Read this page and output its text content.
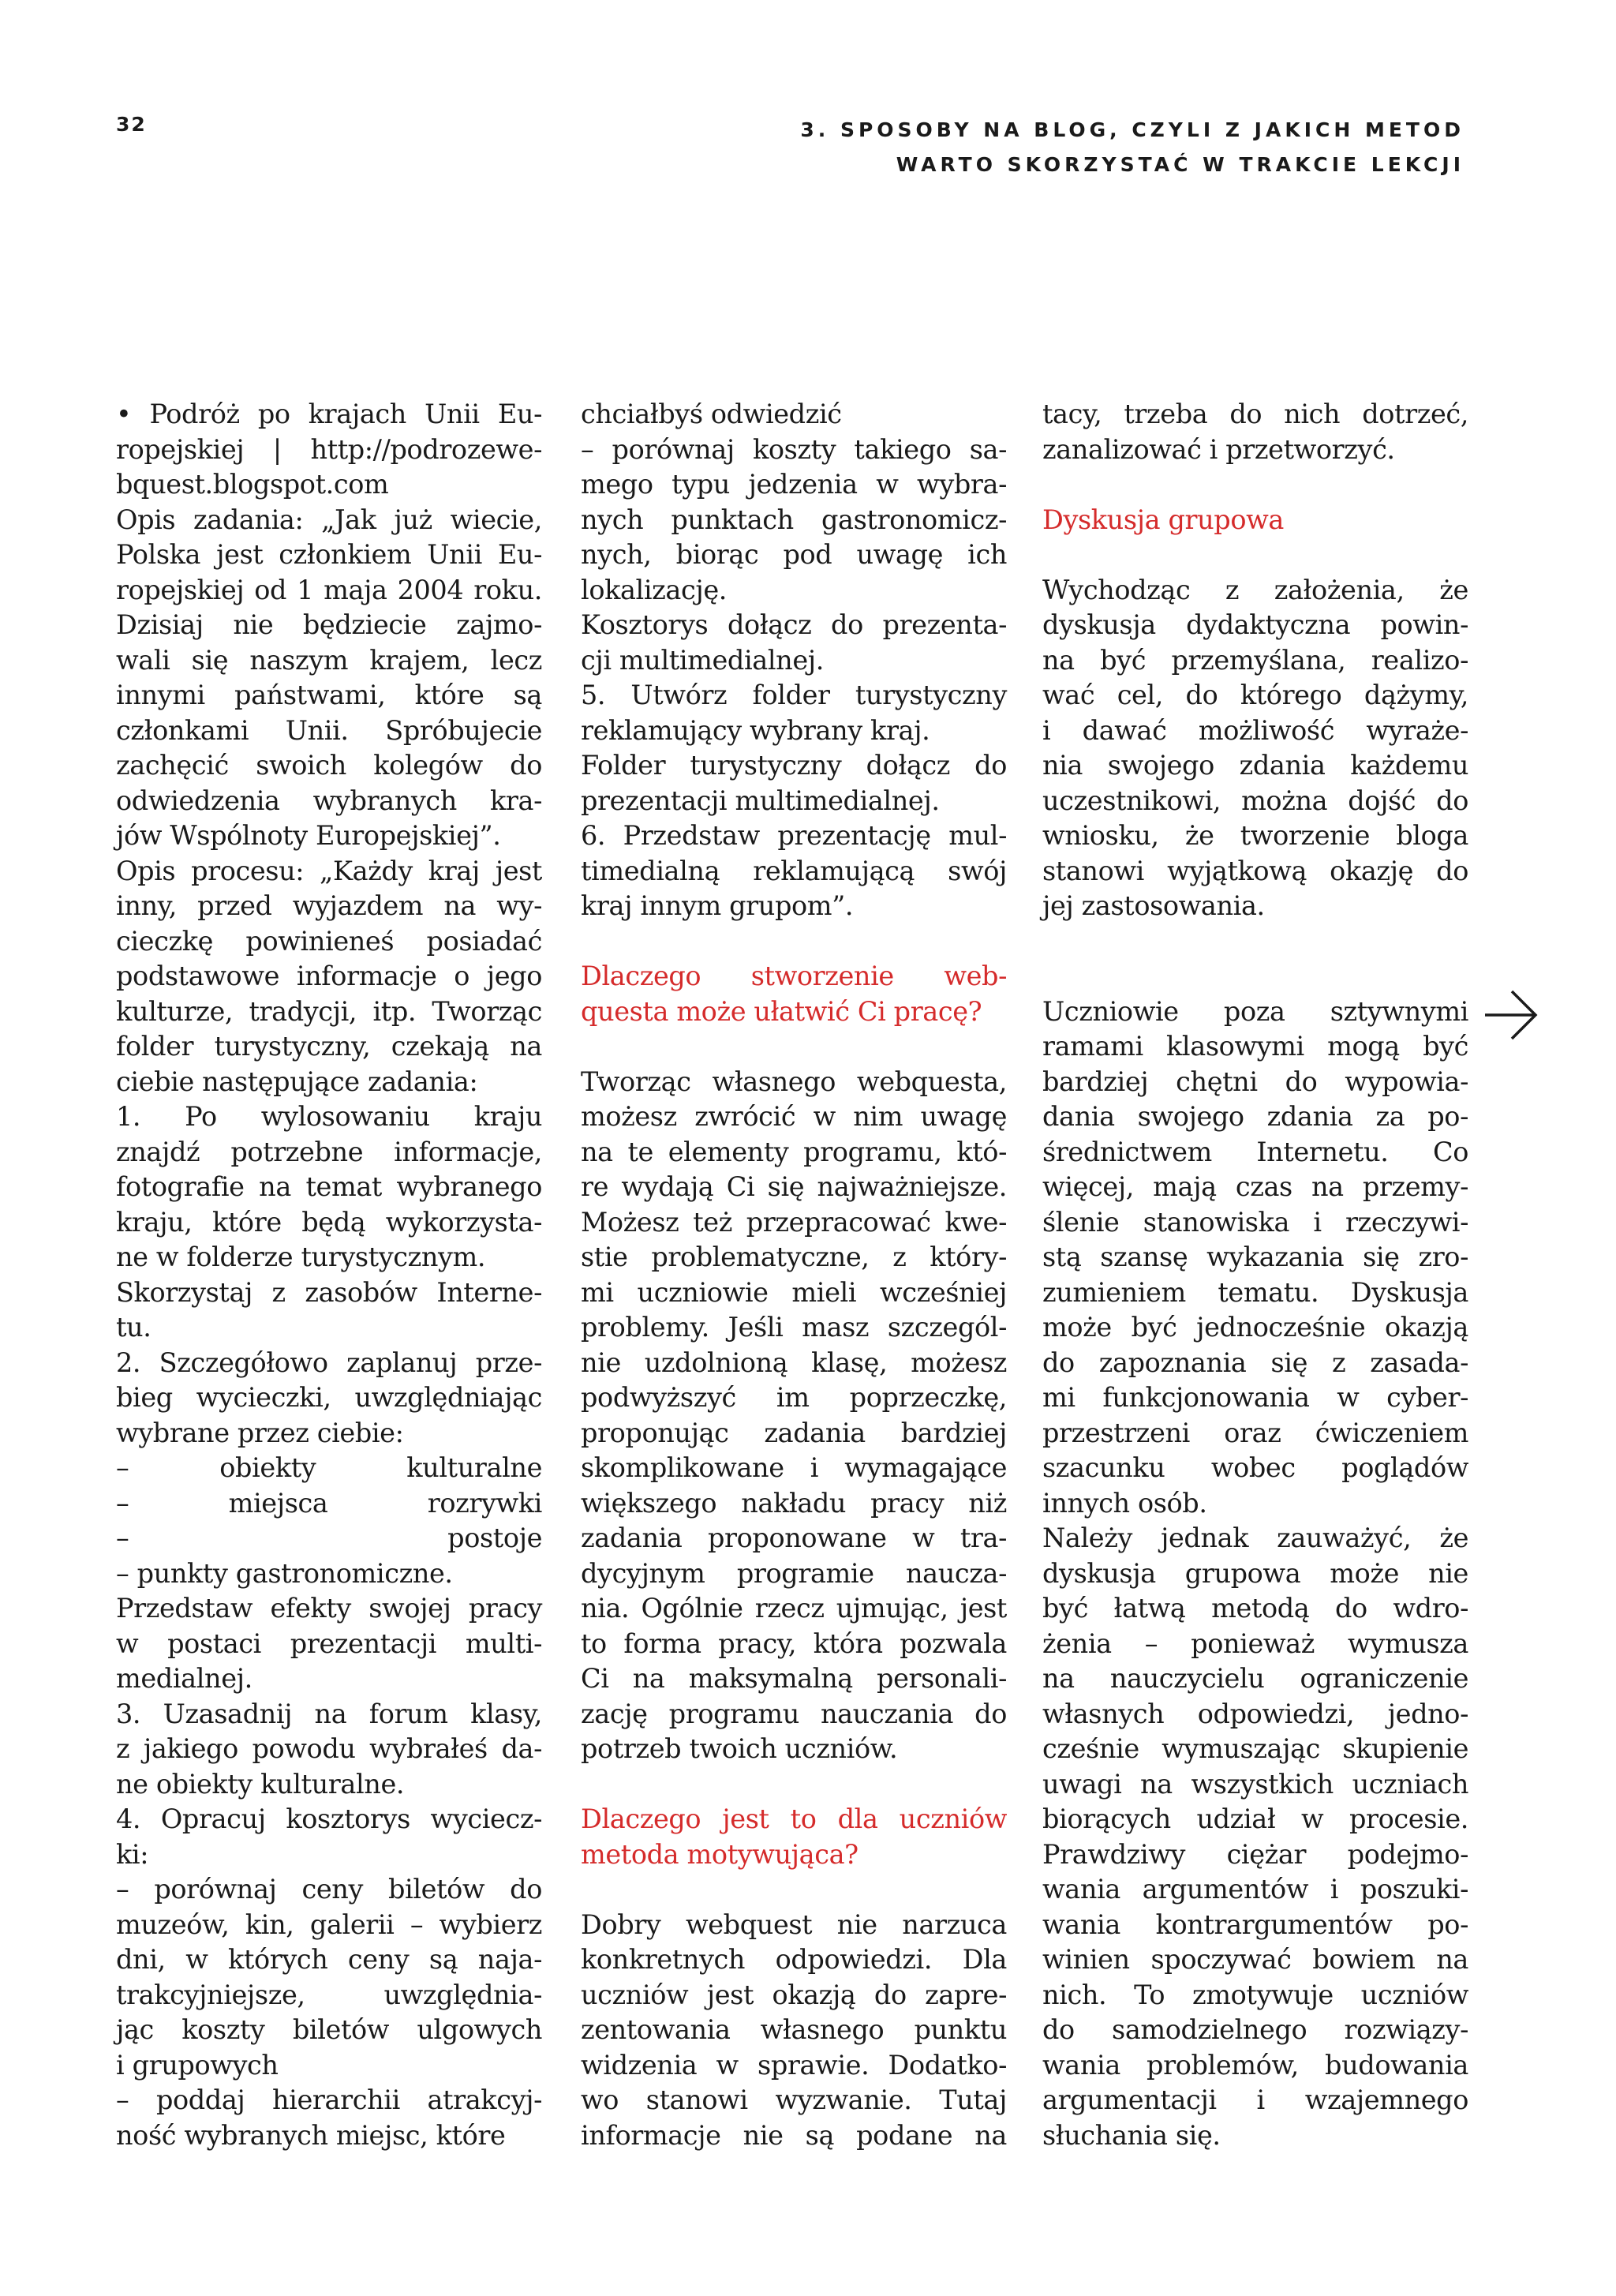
32	3. SPOSOBY NA BLOG, CZYLI Z JAKICH METOD
WARTO SKORZYSTAĆ W TRAKCIE LEKCJI

• Podróż po krajach Unii Eu-
ropejskiej | http://podrozewe-
bquest.blogspot.com
Opis zadania: „Jak już wiecie,
Polska jest członkiem Unii Eu-
ropejskiej od 1 maja 2004 roku.
Dzisiaj nie będziecie zajmo-
wali się naszym krajem, lecz
innymi państwami, które są
członkami Unii. Spróbujecie
zachęcić swoich kolegów do
odwiedzenia wybranych kra-
jów Wspólnoty Europejskiej”.
Opis procesu: „Każdy kraj jest
inny, przed wyjazdem na wy-
cieczkę powinieneś posiadać
podstawowe informacje o jego
kulturze, tradycji, itp. Tworząc
folder turystyczny, czekają na
ciebie następujące zadania:
1. Po wylosowaniu kraju
znajdź potrzebne informacje,
fotografie na temat wybranego
kraju, które będą wykorzysta-
ne w folderze turystycznym.
Skorzystaj z zasobów Interne-
tu.
2. Szczegółowo zaplanuj prze-
bieg wycieczki, uwzględniając
wybrane przez ciebie:
– obiekty kulturalne
– miejsca rozrywki
– postoje
– punkty gastronomiczne.
Przedstaw efekty swojej pracy
w postaci prezentacji multi-
medialnej.
3. Uzasadnij na forum klasy,
z jakiego powodu wybrałeś da-
ne obiekty kulturalne.
4. Opracuj kosztorys wyciecz-
ki:
– porównaj ceny biletów do
muzeów, kin, galerii – wybierz
dni, w których ceny są naja-
trakcyjniejsze, uwzględnia-
jąc koszty biletów ulgowych
i grupowych
– poddaj hierarchii atrakcyj-
ność wybranych miejsc, które

chciałbyś odwiedzić
– porównaj koszty takiego sa-
mego typu jedzenia w wybra-
nych punktach gastronomicz-
nych, biorąc pod uwagę ich
lokalizację.
Kosztorys dołącz do prezenta-
cji multimedialnej.
5. Utwórz folder turystyczny
reklamujący wybrany kraj.
Folder turystyczny dołącz do
prezentacji multimedialnej.
6. Przedstaw prezentację mul-
timedialną reklamującą swój
kraj innym grupom”.

Dlaczego stworzenie web-
questa może ułatwić Ci pracę?

Tworząc własnego webquesta,
możesz zwrócić w nim uwagę
na te elementy programu, któ-
re wydają Ci się najważniejsze.
Możesz też przepracować kwe-
stie problematyczne, z który-
mi uczniowie mieli wcześniej
problemy. Jeśli masz szczegól-
nie uzdolnioną klasę, możesz
podwyższyć im poprzeczkę,
proponując zadania bardziej
skomplikowane i wymagające
większego nakładu pracy niż
zadania proponowane w tra-
dycyjnym programie naucza-
nia. Ogólnie rzecz ujmując, jest
to forma pracy, która pozwala
Ci na maksymalną personali-
zację programu nauczania do
potrzeb twoich uczniów.

Dlaczego jest to dla uczniów
metoda motywująca?

Dobry webquest nie narzuca
konkretnych odpowiedzi. Dla
uczniów jest okazją do zapre-
zentowania własnego punktu
widzenia w sprawie. Dodatko-
wo stanowi wyzwanie. Tutaj
informacje nie są podane na

tacy, trzeba do nich dotrzeć,
zanalizować i przetworzyć.

Dyskusja grupowa

Wychodząc z założenia, że
dyskusja dydaktyczna powin-
na być przemyślana, realizo-
wać cel, do którego dążymy,
i dawać możliwość wyraże-
nia swojego zdania każdemu
uczestnikowi, można dojść do
wniosku, że tworzenie bloga
stanowi wyjątkową okazję do
jej zastosowania.

Uczniowie poza sztywnymi
ramami klasowymi mogą być
bardziej chętni do wypowia-
dania swojego zdania za po-
średnictwem Internetu. Co
więcej, mają czas na przemy-
ślenie stanowiska i rzeczywi-
stą szansę wykazania się zro-
zumieniem tematu. Dyskusja
może być jednocześnie okazją
do zapoznania się z zasada-
mi funkcjonowania w cyber-
przestrzeni oraz ćwiczeniem
szacunku wobec poglądów
innych osób.
Należy jednak zauważyć, że
dyskusja grupowa może nie
być łatwą metodą do wdro-
żenia – ponieważ wymusza
na nauczycielu ograniczenie
własnych odpowiedzi, jedno-
cześnie wymuszając skupienie
uwagi na wszystkich uczniach
biorących udział w procesie.
Prawdziwy ciężar podejmo-
wania argumentów i poszuki-
wania kontrargumentów po-
winien spoczywać bowiem na
nich. To zmotywuje uczniów
do samodzielnego rozwiązy-
wania problemów, budowania
argumentacji i wzajemnego
słuchania się.
